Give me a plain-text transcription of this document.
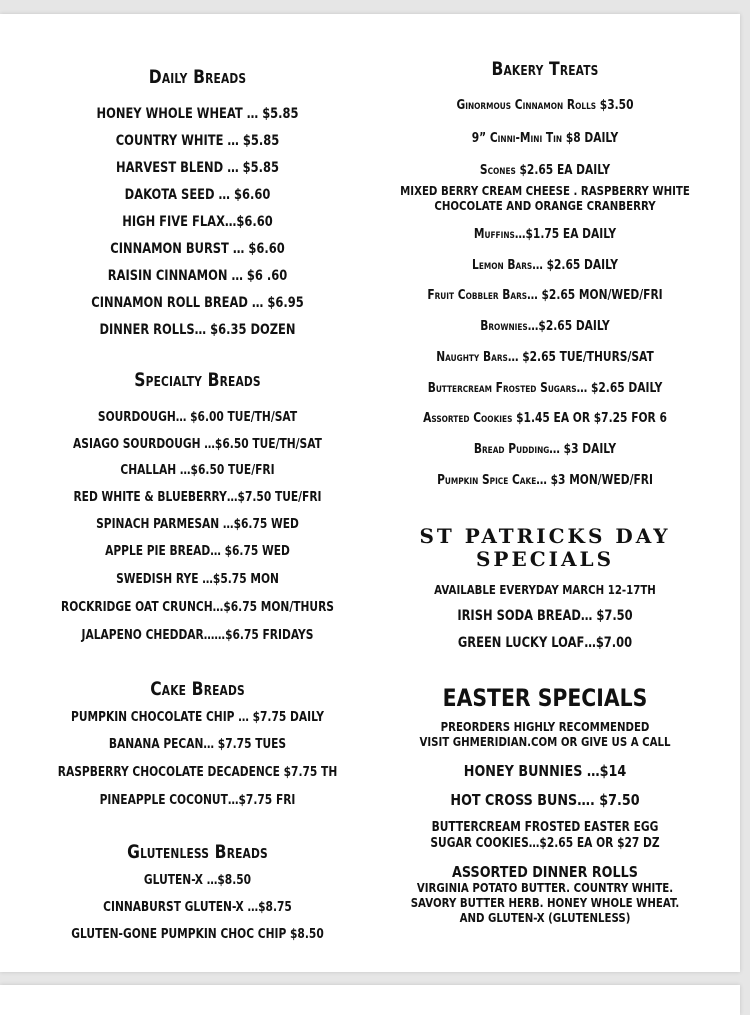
Daily Breads
HONEY WHOLE WHEAT … $5.85
COUNTRY WHITE … $5.85
HARVEST BLEND … $5.85
DAKOTA SEED … $6.60
HIGH FIVE FLAX…$6.60
CINNAMON BURST … $6.60
RAISIN CINNAMON … $6 .60
CINNAMON ROLL BREAD … $6.95
DINNER ROLLS… $6.35 DOZEN
Specialty Breads
SOURDOUGH… $6.00 TUE/TH/SAT
ASIAGO SOURDOUGH …$6.50 TUE/TH/SAT
CHALLAH …$6.50 TUE/FRI
RED WHITE & BLUEBERRY…$7.50 TUE/FRI
SPINACH PARMESAN …$6.75 WED
APPLE PIE BREAD… $6.75 WED
SWEDISH RYE …$5.75 MON
ROCKRIDGE OAT CRUNCH…$6.75 MON/THURS
JALAPENO CHEDDAR……$6.75 FRIDAYS
Cake Breads
PUMPKIN CHOCOLATE CHIP … $7.75 DAILY
BANANA PECAN… $7.75 TUES
RASPBERRY CHOCOLATE DECADENCE $7.75 TH
PINEAPPLE COCONUT…$7.75 FRI
Glutenless Breads
GLUTEN-X …$8.50
CINNABURST GLUTEN-X …$8.75
GLUTEN-GONE PUMPKIN CHOC CHIP $8.50
Bakery Treats
Ginormous Cinnamon Rolls $3.50
9” Cinni-Mini Tin $8 DAILY
Scones $2.65 EA DAILY
MIXED BERRY CREAM CHEESE . RASPBERRY WHITE
CHOCOLATE AND ORANGE CRANBERRY
Muffins…$1.75 EA DAILY
Lemon Bars… $2.65 DAILY
Fruit Cobbler Bars… $2.65 MON/WED/FRI
Brownies…$2.65 DAILY
Naughty Bars… $2.65 TUE/THURS/SAT
Buttercream Frosted Sugars… $2.65 DAILY
Assorted Cookies $1.45 EA OR $7.25 FOR 6
Bread Pudding… $3 DAILY
Pumpkin Spice Cake… $3 MON/WED/FRI
ST PATRICKS DAY
SPECIALS
AVAILABLE EVERYDAY MARCH 12-17TH
IRISH SODA BREAD… $7.50
GREEN LUCKY LOAF…$7.00
EASTER SPECIALS
PREORDERS HIGHLY RECOMMENDED
VISIT GHMERIDIAN.COM OR GIVE US A CALL
HONEY BUNNIES …$14
HOT CROSS BUNS…. $7.50
BUTTERCREAM FROSTED EASTER EGG
SUGAR COOKIES…$2.65 EA OR $27 DZ
ASSORTED DINNER ROLLS
VIRGINIA POTATO BUTTER. COUNTRY WHITE.
SAVORY BUTTER HERB. HONEY WHOLE WHEAT.
AND GLUTEN-X (GLUTENLESS)
